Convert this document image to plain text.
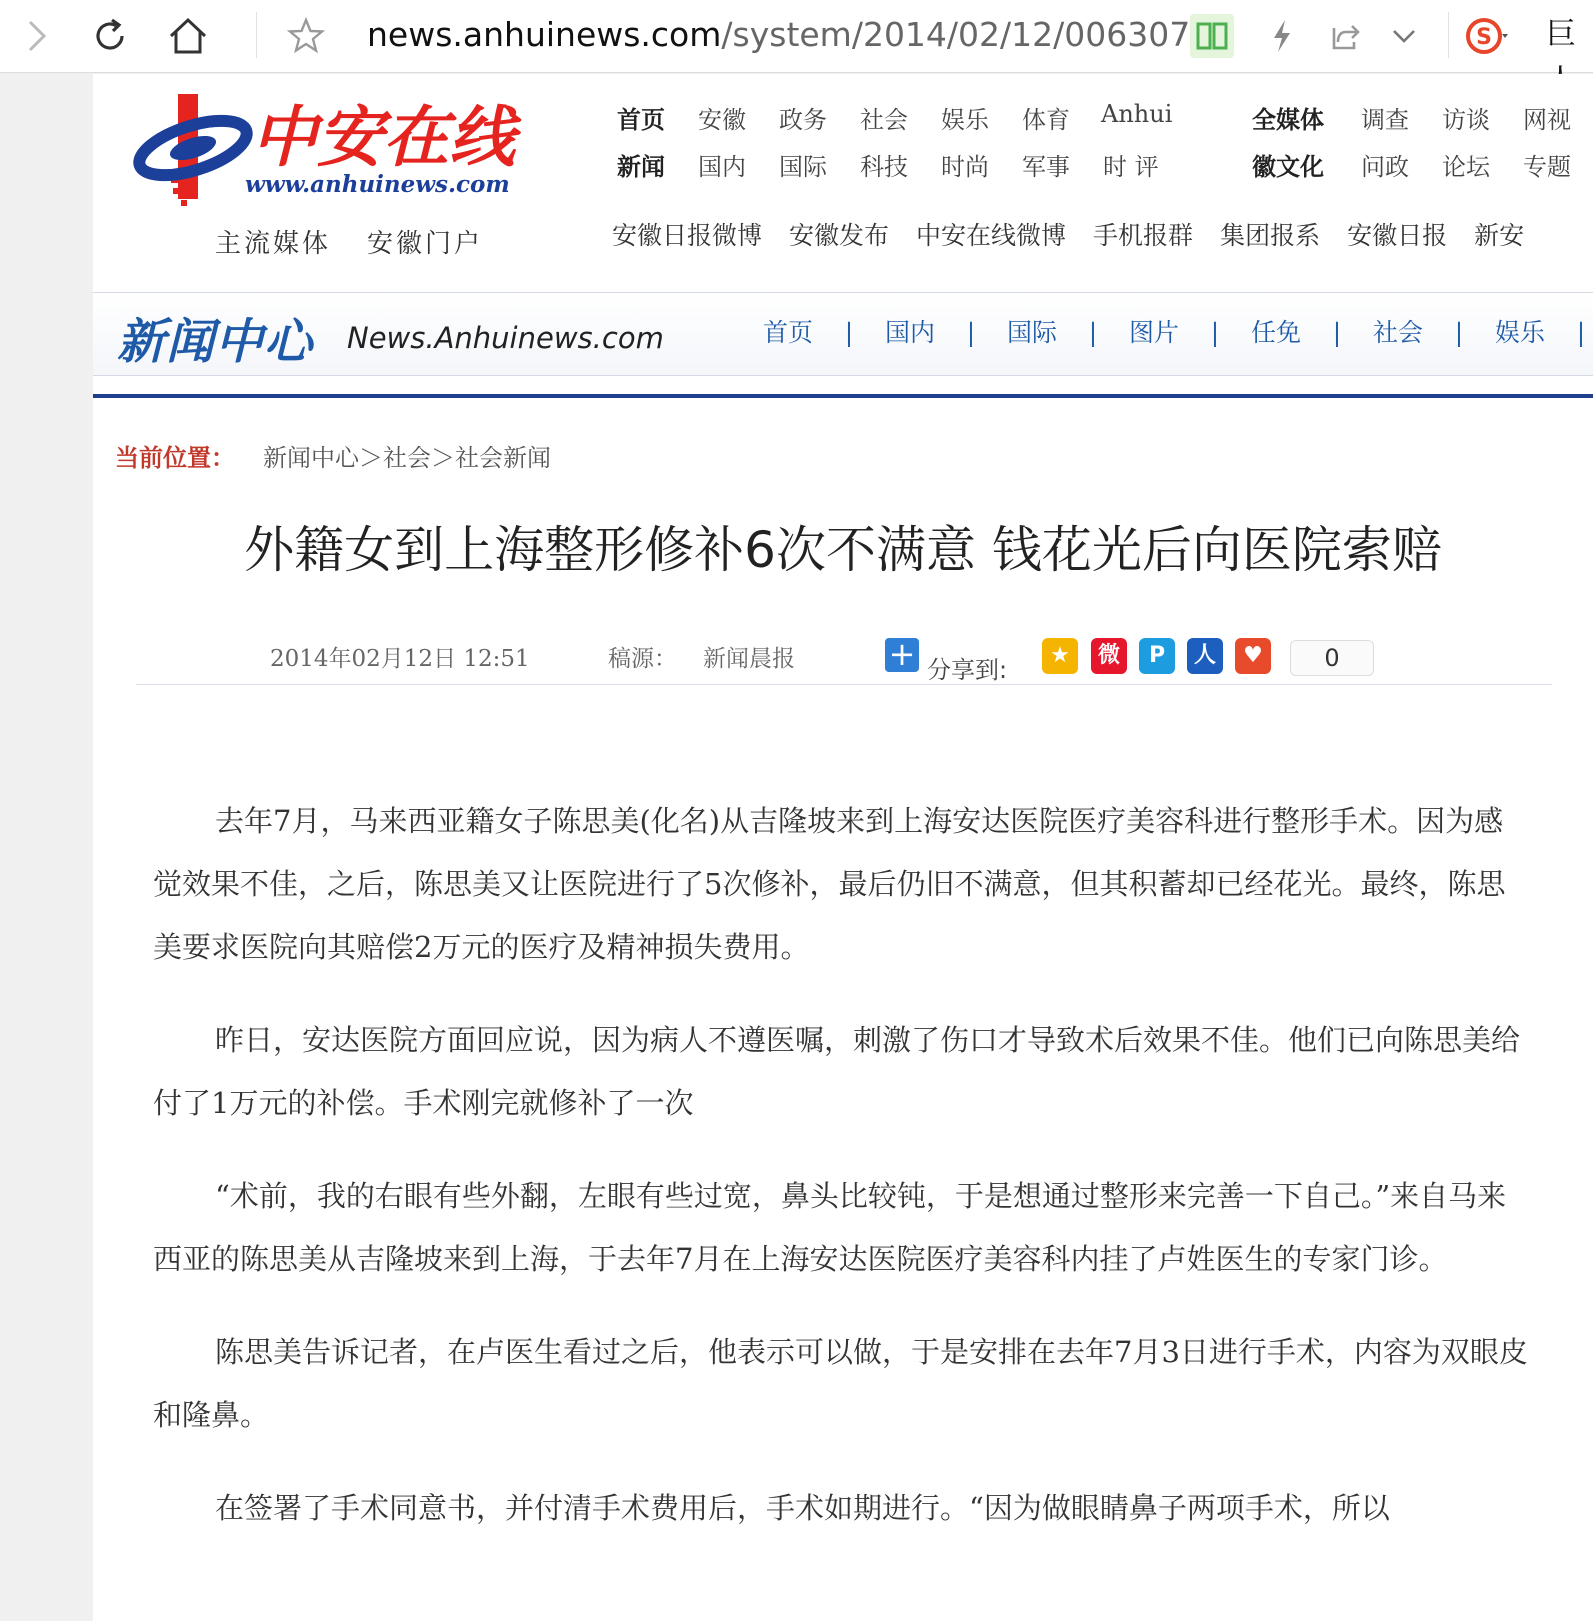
news.anhuinews.com/system/2014/02/12/00630779	S 巨
中安在线
www.anhuinews.com
主流媒体 安徽门户
首页 安徽 政务 社会 娱乐 体育 Anhui
新闻 国内 国际 科技 时尚 军事 时 评
全媒体 调查 访谈 网视
徽文化 问政 论坛 专题
安徽日报微博 安徽发布 中安在线微博 手机报群 集团报系 安徽日报 新安
新闻中心 News.Anhuinews.com	首页 | 国内 | 国际 | 图片 | 任免 | 社会 | 娱乐 |
当前位置： 新闻中心＞社会＞社会新闻
外籍女到上海整形修补6次不满意 钱花光后向医院索赔
2014年02月12日 12:51	稿源： 新闻晨报	+ 分享到:
★	微	P	人	♥	0

去年7月，马来西亚籍女子陈思美(化名)从吉隆坡来到上海安达医院医疗美容科进行整形手术。因为感觉效果不佳，之后，陈思美又让医院进行了5次修补，最后仍旧不满意，但其积蓄却已经花光。最终，陈思美要求医院向其赔偿2万元的医疗及精神损失费用。

昨日，安达医院方面回应说，因为病人不遵医嘱，刺激了伤口才导致术后效果不佳。他们已向陈思美给付了1万元的补偿。手术刚完就修补了一次

“术前，我的右眼有些外翻，左眼有些过宽，鼻头比较钝，于是想通过整形来完善一下自己。”来自马来西亚的陈思美从吉隆坡来到上海，于去年7月在上海安达医院医疗美容科内挂了卢姓医生的专家门诊。

陈思美告诉记者，在卢医生看过之后，他表示可以做，于是安排在去年7月3日进行手术，内容为双眼皮和隆鼻。

在签署了手术同意书，并付清手术费用后，手术如期进行。“因为做眼睛鼻子两项手术，所以
